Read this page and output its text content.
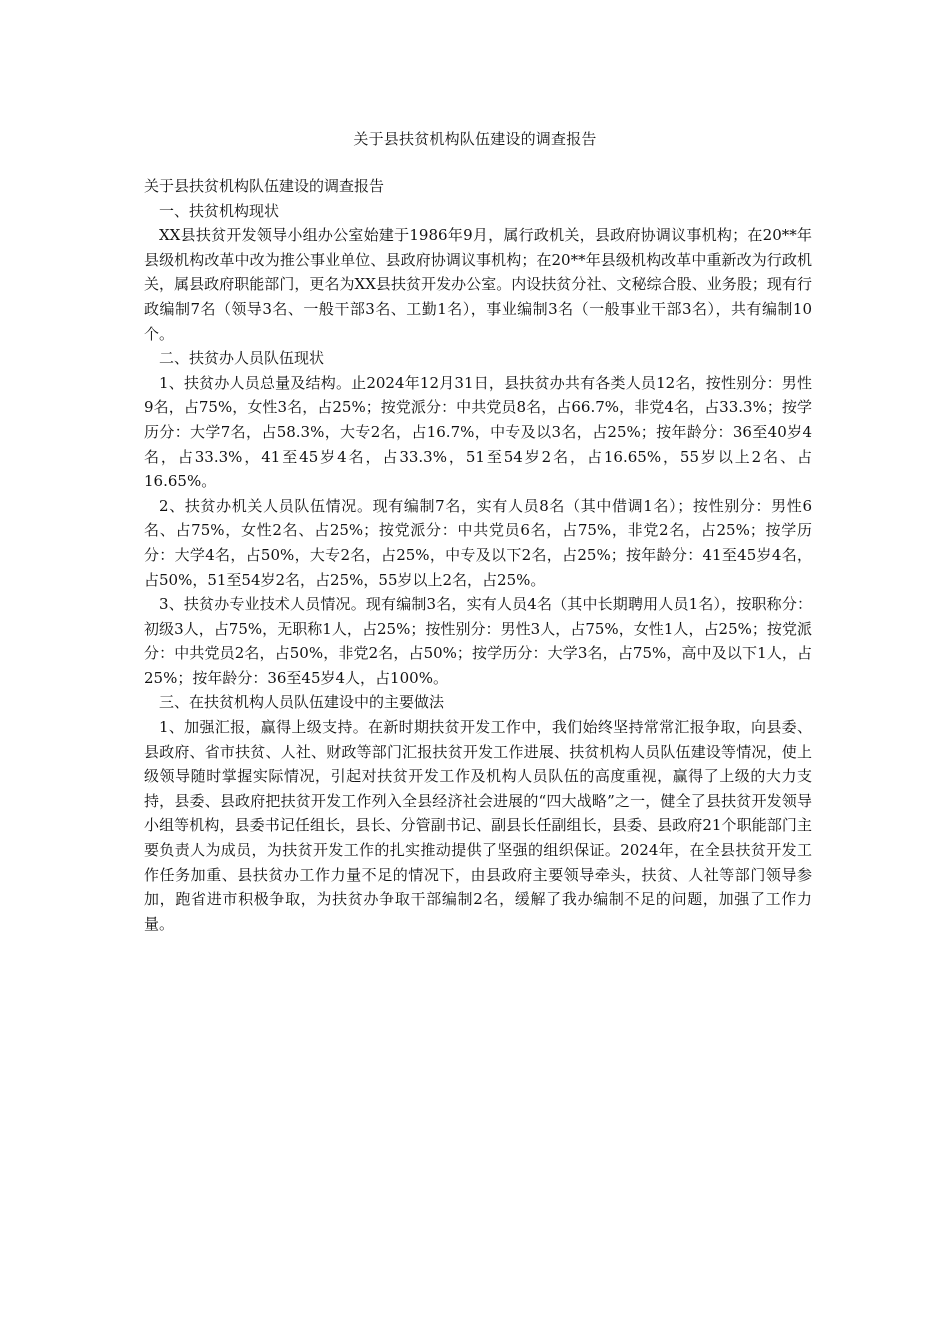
关于县扶贫机构队伍建设的调查报告

关于县扶贫机构队伍建设的调查报告

一、扶贫机构现状

XX县扶贫开发领导小组办公室始建于1986年9月，属行政机关，县政府协调议事机构；在20**年县级机构改革中改为推公事业单位、县政府协调议事机构；在20**年县级机构改革中重新改为行政机关，属县政府职能部门，更名为XX县扶贫开发办公室。内设扶贫分社、文秘综合股、业务股；现有行政编制7名（领导3名、一般干部3名、工勤1名），事业编制3名（一般事业干部3名），共有编制10个。

二、扶贫办人员队伍现状

1、扶贫办人员总量及结构。止2024年12月31日，县扶贫办共有各类人员12名，按性别分：男性9名，占75%，女性3名，占25%；按党派分：中共党员8名，占66.7%，非党4名，占33.3%；按学历分：大学7名，占58.3%，大专2名，占16.7%，中专及以3名，占25%；按年龄分：36至40岁4名，占33.3%，41至45岁4名，占33.3%，51至54岁2名，占16.65%，55岁以上2名、占16.65%。

2、扶贫办机关人员队伍情况。现有编制7名，实有人员8名（其中借调1名）；按性别分：男性6名、占75%，女性2名、占25%；按党派分：中共党员6名，占75%，非党2名，占25%；按学历分：大学4名，占50%，大专2名，占25%，中专及以下2名，占25%；按年龄分：41至45岁4名，占50%，51至54岁2名，占25%，55岁以上2名，占25%。

3、扶贫办专业技术人员情况。现有编制3名，实有人员4名（其中长期聘用人员1名），按职称分：初级3人，占75%，无职称1人，占25%；按性别分：男性3人，占75%，女性1人，占25%；按党派分：中共党员2名，占50%，非党2名，占50%；按学历分：大学3名，占75%，高中及以下1人，占25%；按年龄分：36至45岁4人，占100%。

三、在扶贫机构人员队伍建设中的主要做法

1、加强汇报，赢得上级支持。在新时期扶贫开发工作中，我们始终坚持常常汇报争取，向县委、县政府、省市扶贫、人社、财政等部门汇报扶贫开发工作进展、扶贫机构人员队伍建设等情况，使上级领导随时掌握实际情况，引起对扶贫开发工作及机构人员队伍的高度重视，赢得了上级的大力支持，县委、县政府把扶贫开发工作列入全县经济社会进展的“四大战略”之一，健全了县扶贫开发领导小组等机构，县委书记任组长，县长、分管副书记、副县长任副组长，县委、县政府21个职能部门主要负责人为成员，为扶贫开发工作的扎实推动提供了坚强的组织保证。2024年，在全县扶贫开发工作任务加重、县扶贫办工作力量不足的情况下，由县政府主要领导牵头，扶贫、人社等部门领导参加，跑省进市积极争取，为扶贫办争取干部编制2名，缓解了我办编制不足的问题，加强了工作力量。
